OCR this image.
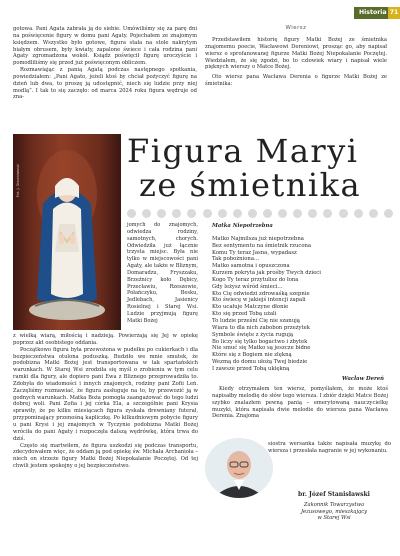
Historia 71

gotowa. Pani Agata zabrała ją do siebie. Umówiliśmy się za parę dni na poświęcenie figury w domu pani Agaty. Pojechałem ze znajomym księdzem. Wszystko było gotowe, figura stała na stole nakrytym białym obrusem, były kwiaty, zapalone świece i cała rodzina pani Agaty zgromadzona wokół. Ksiądz poświęcił figurę uroczyście i pomodliliśmy się przed już poświęconym obliczem.

Rozmawiając z panią Agatą podczas następnego spotkania, powiedziałem: „Pani Agato, jeżeli ktoś by chciał pożyczyć figurę na dzień lub dwa, to proszę ją udostępnić, niech się ludzie przy niej modlą”. I tak to się zaczęło: od marca 2024 roku figura wędruje od zna-

Wiersz

Przedstawiłem historię figury Matki Bożej ze śmietnika znajomemu poecie, Wacławowi Dereniowi, prosząc go, aby napisał wiersz o sprofanowanej figurze Matki Bożej Niepokalanie Poczętej. Wiedziałem, że się zgodzi, bo to człowiek wiary i napisał wiele pięknych wierszy o Matce Bożej.

Oto wiersz pana Wacława Derenia o figurze Matki Bożej ze śmietnika:

Fot. J. Stanisławski
Figura Maryi
ze śmietnika

jomych do znajomych, odwiedza rodziny, samotnych, chorych. Odwiedziła już łącznie trzysta miejsc. Była nie tylko w miejscowości pani Agaty, ale także w Bliznym, Domaradzu, Fryszzaku, Brzeźnicy koło Dębicy, Przecławiu, Rzeszowie, Połańczyku, Besku, Jedlebach, Jasienicy Rosielnej i Starej Wsi. Ludzie przyjmują figurę Matki Bożej

z wielką wiarą, miłością i nadzieją. Powierzają się Jej w opiekę poprzez akt osobistego oddania.

Początkowo figura była przewożona w pudełku po cukierkach i dla bezpieczeństwa otulona poduszką. Budziło we mnie smutek, że podobizna Matki Bożej jest transportowana w tak spartańskich warunkach. W Starej Wsi zrodziła się myśl o zrobieniu w tym celu ramki dla figury, ale dopiero pani Ewa z Bliznego przeprowadziła to. Zdobyła do wiadomości i innych znajomych, rodziny pani Zofii Leń. Zaczęliśmy rozmawiać, że figura zasługuje na to, by przewozić ją w godnych warunkach. Matka Boża pomogła zaangażować do tego ludzi dobrej woli. Pani Zofia i jej córka Ela, a szczególnie pani Krysia sprawiły, że po kilku miesiącach figura zyskała drewniany futerał, przypominający przenośną kapliczkę. Po kilkudniowym pobycie figury u pani Krysi i jej znajomych w Tyczynie podobizna Matki Bożej wróciła do pani Agaty i rozpoczęła dalszą wędrówkę, która trwa do dziś.

Często się martwiłem, że figura uszkodzi się podczas transportu, zdecydowałem więc, że oddam ją pod opiekę św. Michała Archanioła – niech on strzeże figury Matki Bożej Niepokalanie Poczętej. Od tej chwili jestem spokojny o jej bezpieczeństwo.

Matka Niepotrzebna
Matko Najmilsza już niepotrzebna
Bez sentymentu na śmietnik rzucona
Komu Ty teraz Jasna, wypadasz
Tak pobożniona...
Matko samotna i opuszczona
Kurzem pokryta jak prośby Twych dzieci
Kogo Ty teraz przytulisz do łona
Gdy leżysz wśród śmieci...
Kto Cię odwiedzi zdrowaśką szepnie
Kto świecę w jakiejś intencji zapali
Kto ucałuje Matczyne dłonie
Kto się przed Tobą użali
To ludzie prześni Cię nie szanują
Wiara to dla nich zabobon przeżytek
Symbole święte z życia rugują
Bo liczy się tylko bogactwo i zbytek
Nie smuć się Matko są jeszcze bidne
Które się z Bogiem nie zlękną
Wezmą do domu ułożą Twej biedzie
I zawsze przed Tobą uklękną
Wacław Dereń

Kiedy otrzymałem ten wiersz, pomyślałem, że może ktoś napisałby melodię do słów tego wiersza. I zbiór dzięki Matce Bożej szybko znalazłem pewną panią – emerytowaną nauczycielkę muzyki, która napisała dwie melodie do wiersza pana Wacława Derenia. Znajoma

siostra wersanka także napisała muzykę do wiersza i przesłała nagranie w jej wykonaniu.

br. Józef Stanisławski
Zakonnik Towarzystwa
Jezusowego, mieszkający
w Starej Wsi
